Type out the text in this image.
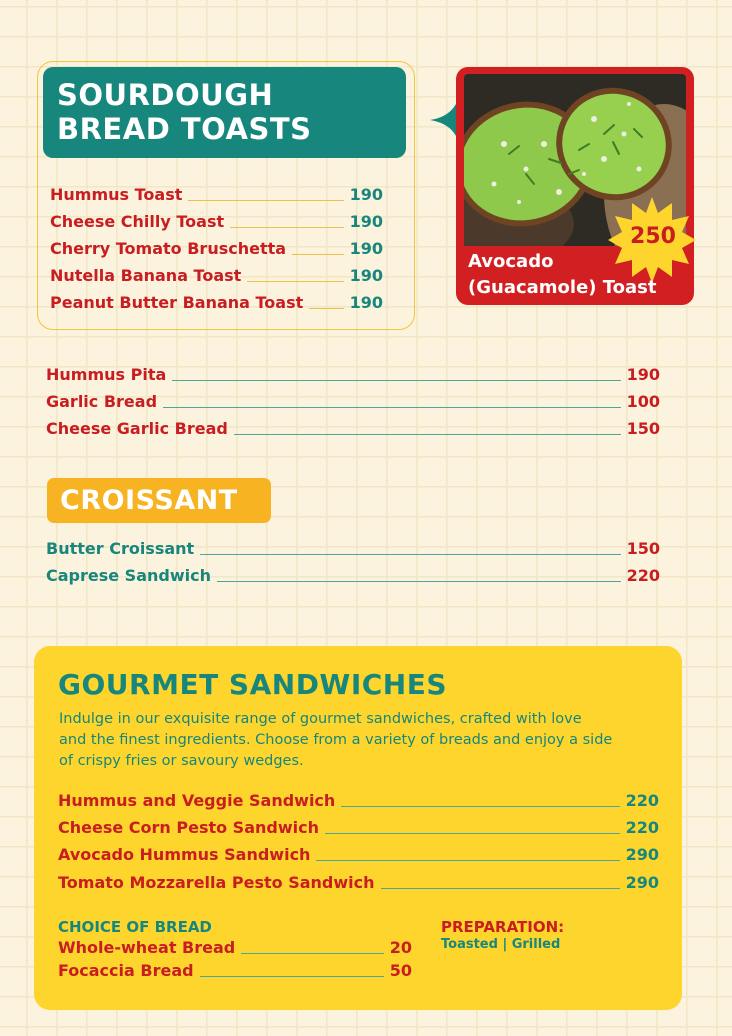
SOURDOUGH
BREAD TOASTS
Hummus Toast	190
Cheese Chilly Toast	190
Cherry Tomato Bruschetta	190
Nutella Banana Toast	190
Peanut Butter Banana Toast	190
250
Avocado
(Guacamole) Toast
Hummus Pita	190
Garlic Bread	100
Cheese Garlic Bread	150
CROISSANT
Butter Croissant	150
Caprese Sandwich	220
GOURMET SANDWICHES
Indulge in our exquisite range of gourmet sandwiches, crafted with love
and the finest ingredients. Choose from a variety of breads and enjoy a side
of crispy fries or savoury wedges.
Hummus and Veggie Sandwich	220
Cheese Corn Pesto Sandwich	220
Avocado Hummus Sandwich	290
Tomato Mozzarella Pesto Sandwich	290
CHOICE OF BREAD
Whole-wheat Bread	20
Focaccia Bread	50
PREPARATION:
Toasted | Grilled
